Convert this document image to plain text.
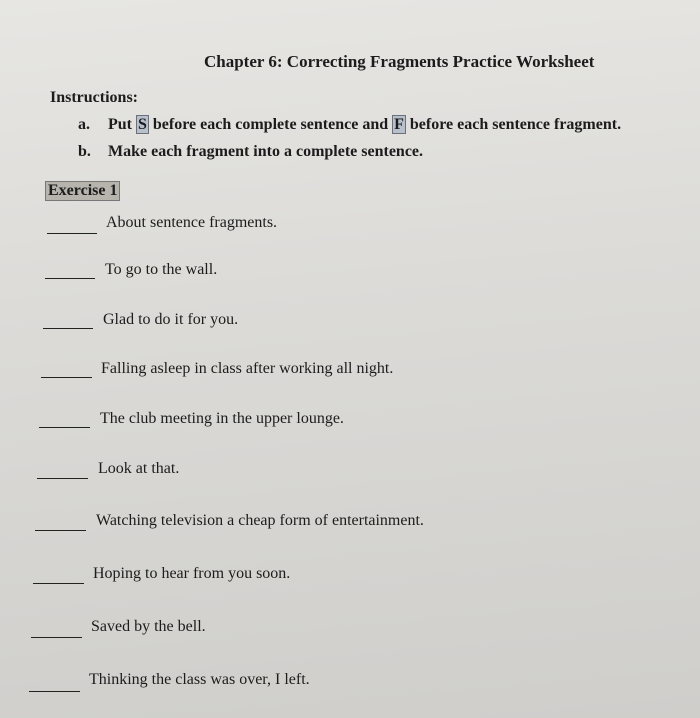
Chapter 6: Correcting Fragments Practice Worksheet
Instructions:
a. Put S before each complete sentence and F before each sentence fragment.
b. Make each fragment into a complete sentence.
Exercise 1
About sentence fragments.
To go to the wall.
Glad to do it for you.
Falling asleep in class after working all night.
The club meeting in the upper lounge.
Look at that.
Watching television a cheap form of entertainment.
Hoping to hear from you soon.
Saved by the bell.
Thinking the class was over, I left.
